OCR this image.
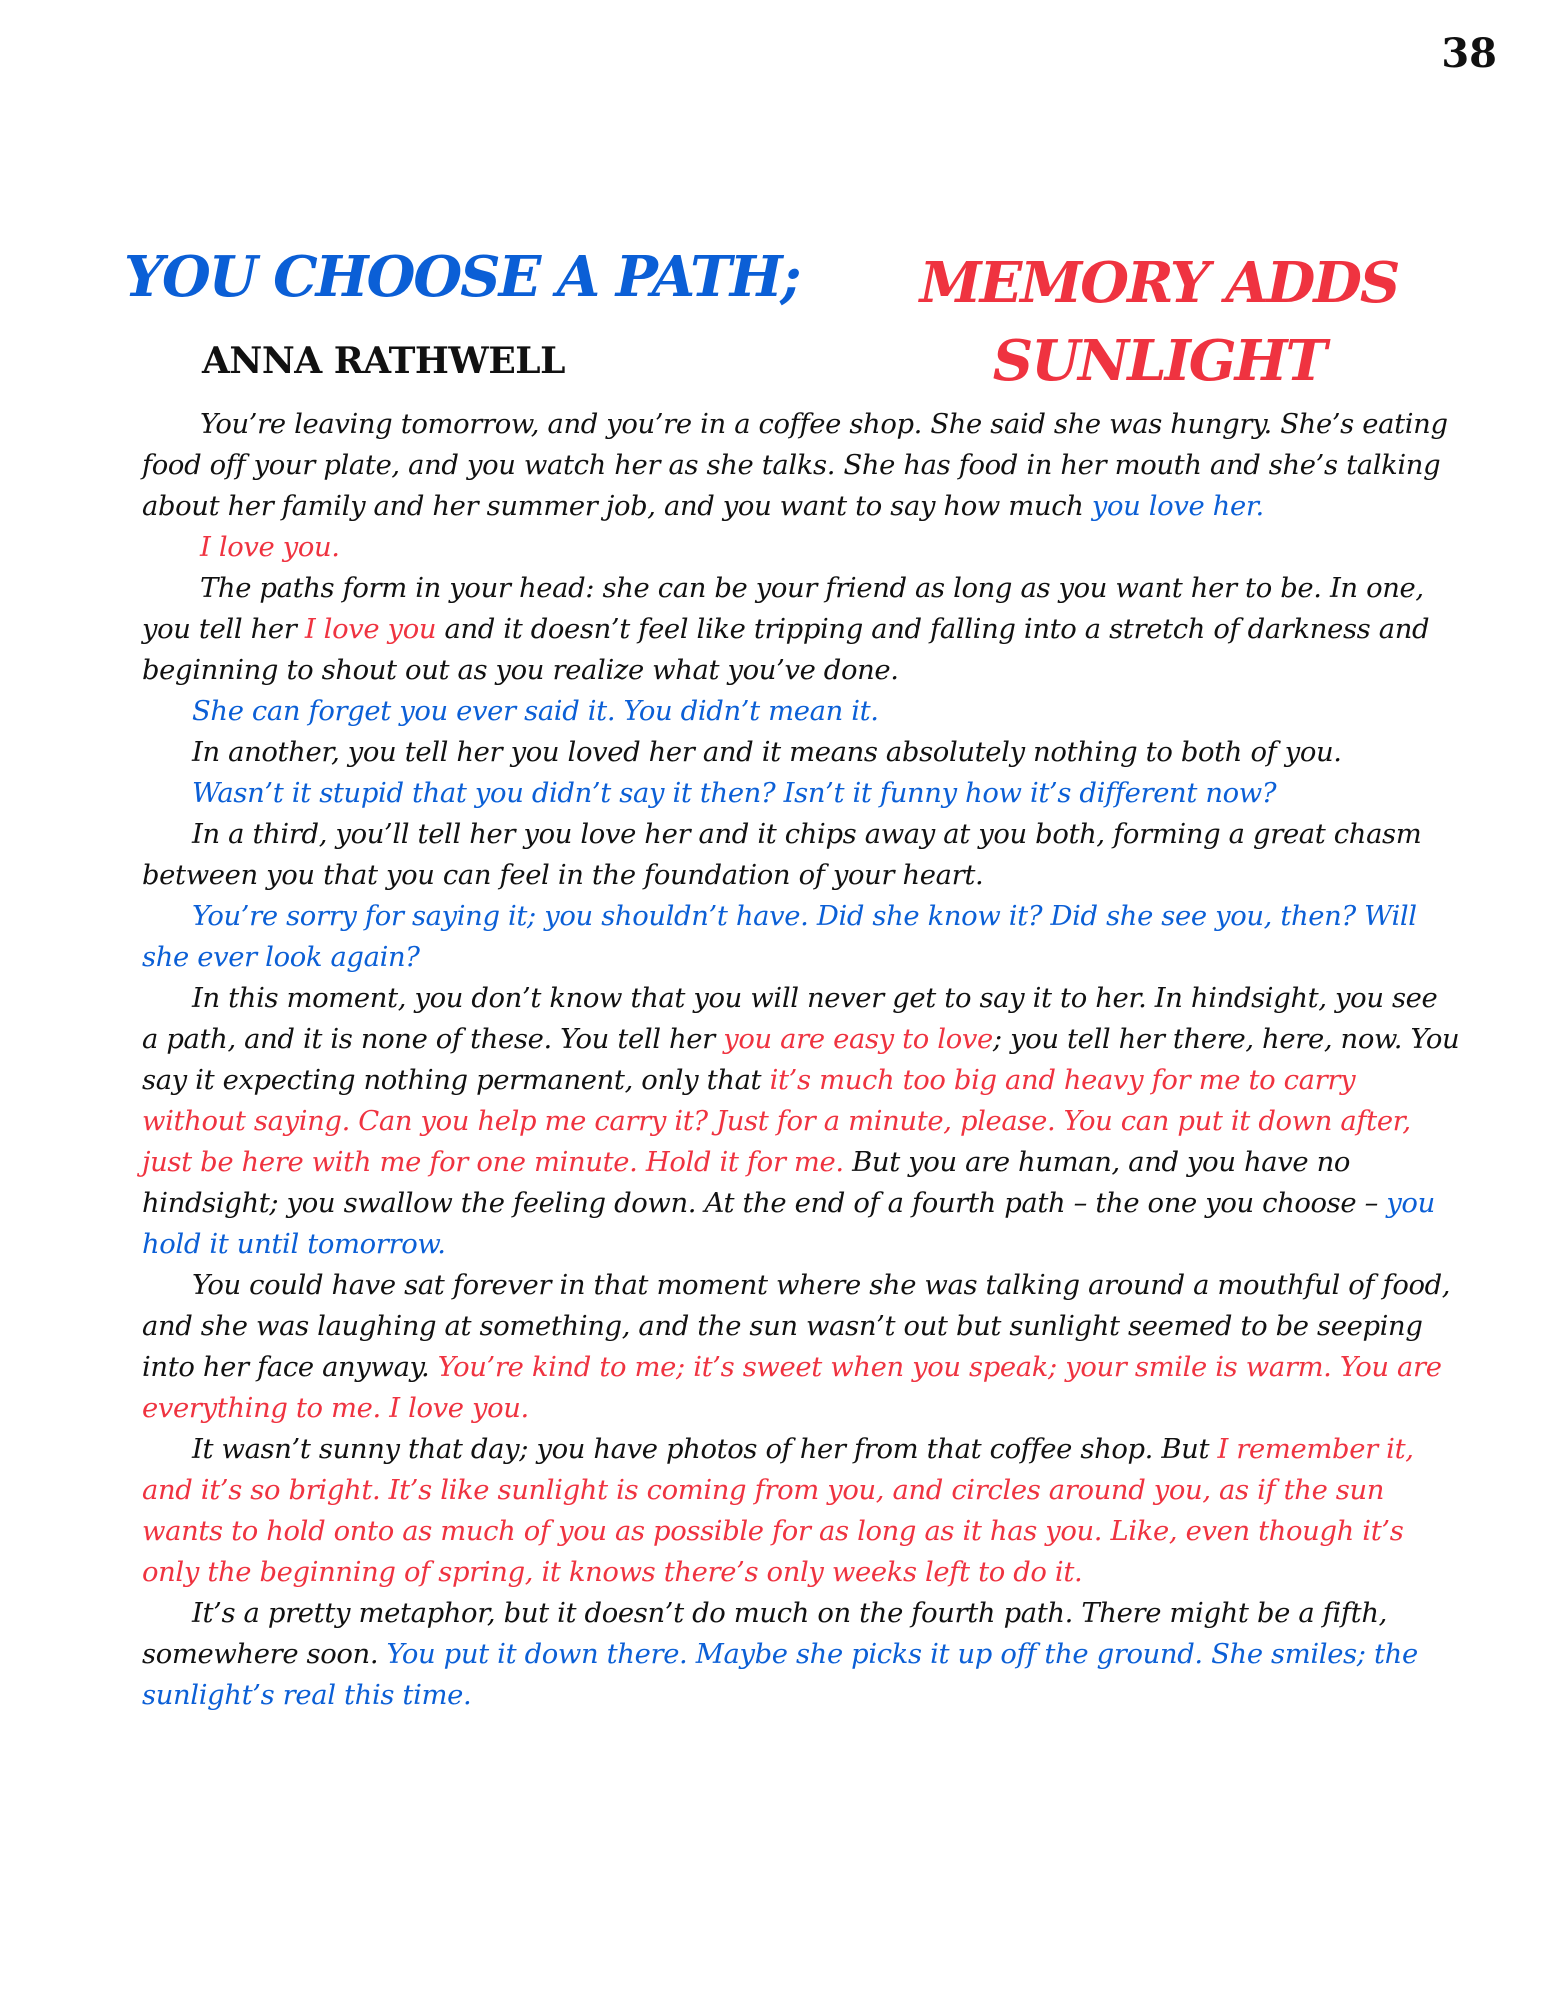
38
YOU CHOOSE A PATH;	MEMORY ADDS
SUNLIGHT
ANNA RATHWELL

You’re leaving tomorrow, and you’re in a coffee shop. She said she was hungry. She’s eating food off your plate, and you watch her as she talks. She has food in her mouth and she’s talking about her family and her summer job, and you want to say how much you love her.

I love you.

The paths form in your head: she can be your friend as long as you want her to be. In one, you tell her I love you and it doesn’t feel like tripping and falling into a stretch of darkness and beginning to shout out as you realize what you’ve done.

She can forget you ever said it. You didn’t mean it.

In another, you tell her you loved her and it means absolutely nothing to both of you.

Wasn’t it stupid that you didn’t say it then? Isn’t it funny how it’s different now?

In a third, you’ll tell her you love her and it chips away at you both, forming a great chasm between you that you can feel in the foundation of your heart.

You’re sorry for saying it; you shouldn’t have. Did she know it? Did she see you, then? Will she ever look again?

In this moment, you don’t know that you will never get to say it to her. In hindsight, you see a path, and it is none of these. You tell her you are easy to love; you tell her there, here, now. You say it expecting nothing permanent, only that it’s much too big and heavy for me to carry without saying. Can you help me carry it? Just for a minute, please. You can put it down after, just be here with me for one minute. Hold it for me. But you are human, and you have no hindsight; you swallow the feeling down. At the end of a fourth path – the one you choose – you hold it until tomorrow.

You could have sat forever in that moment where she was talking around a mouthful of food, and she was laughing at something, and the sun wasn’t out but sunlight seemed to be seeping into her face anyway. You’re kind to me; it’s sweet when you speak; your smile is warm. You are everything to me. I love you.

It wasn’t sunny that day; you have photos of her from that coffee shop. But I remember it, and it’s so bright. It’s like sunlight is coming from you, and circles around you, as if the sun wants to hold onto as much of you as possible for as long as it has you. Like, even though it’s only the beginning of spring, it knows there’s only weeks left to do it.

It’s a pretty metaphor, but it doesn’t do much on the fourth path. There might be a fifth, somewhere soon. You put it down there. Maybe she picks it up off the ground. She smiles; the sunlight’s real this time.
